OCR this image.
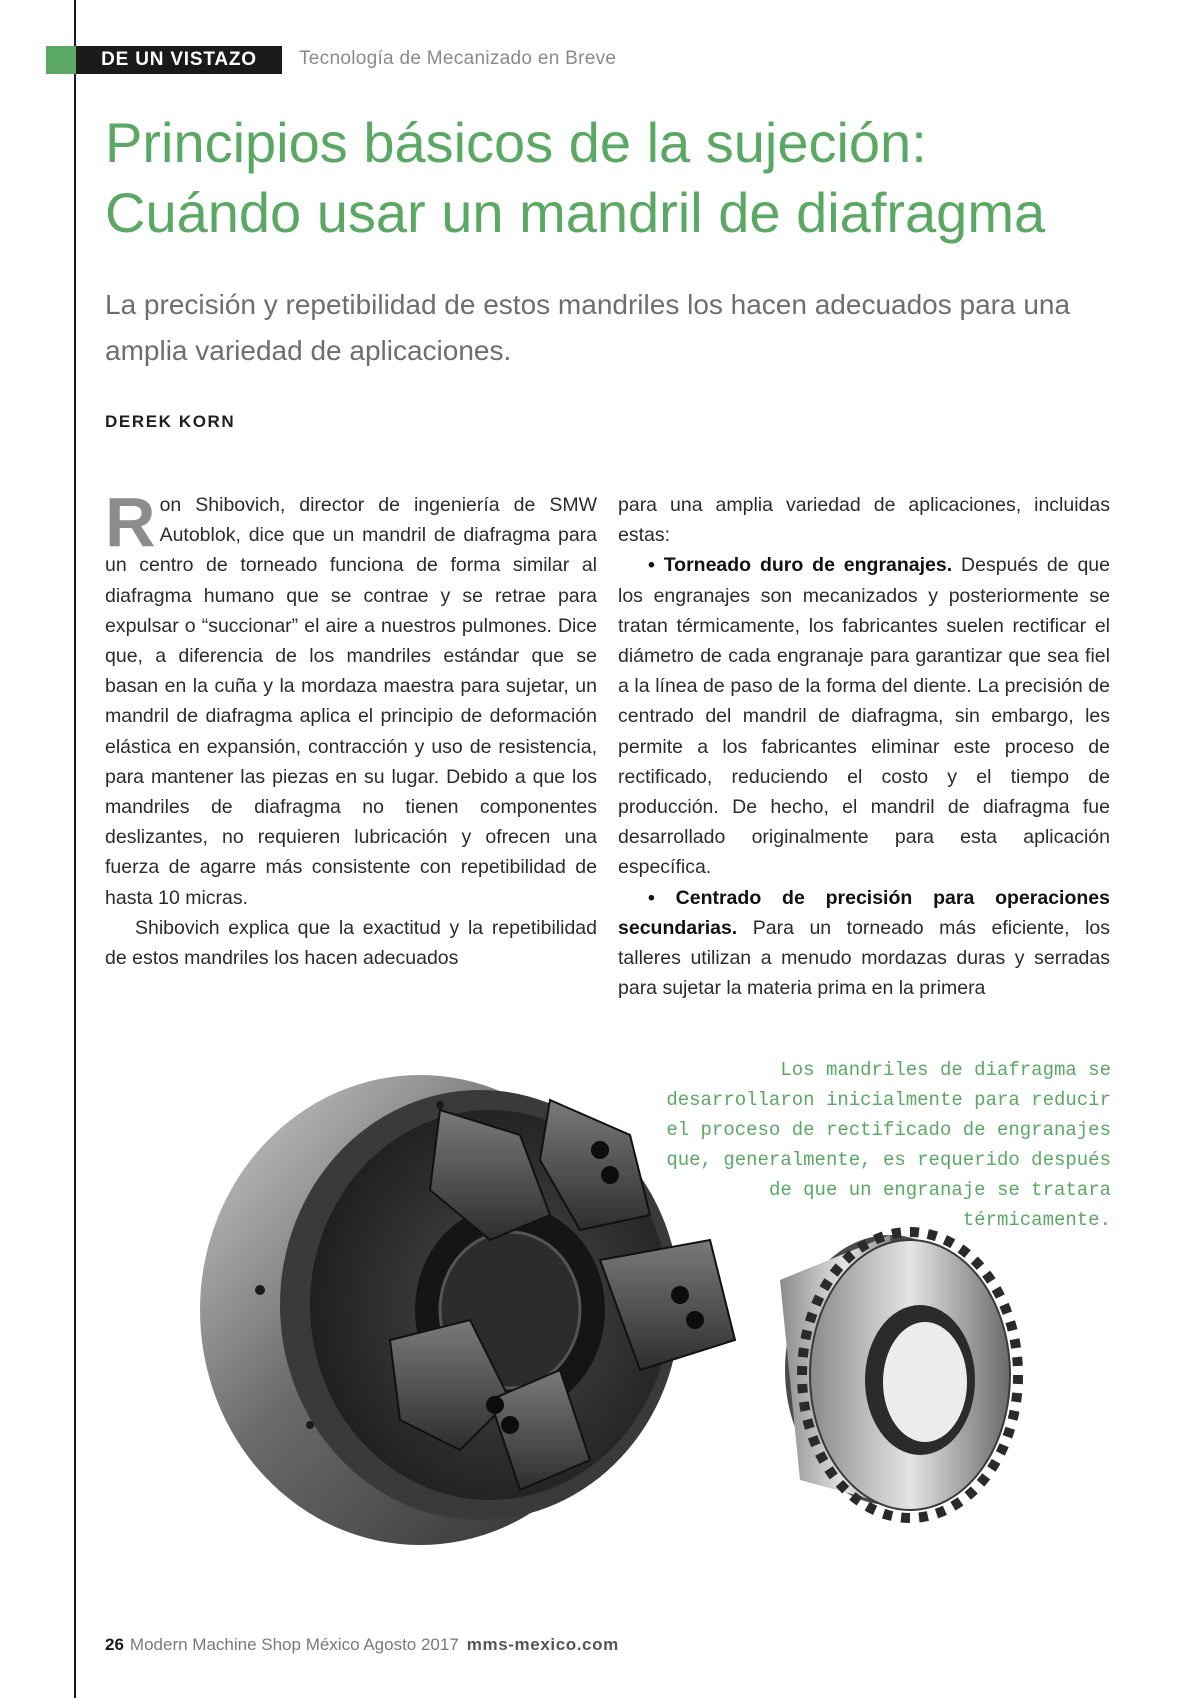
DE UN VISTAZO	Tecnología de Mecanizado en Breve
Principios básicos de la sujeción:
Cuándo usar un mandril de diafragma

La precisión y repetibilidad de estos mandriles los hacen adecuados para una amplia variedad de aplicaciones.

DEREK KORN

Ron Shibovich, director de ingeniería de SMW Autoblok, dice que un mandril de diafragma para un centro de torneado funciona de forma similar al diafragma humano que se contrae y se retrae para expulsar o “succionar” el aire a nuestros pulmones. Dice que, a diferencia de los mandriles estándar que se basan en la cuña y la mordaza maestra para sujetar, un mandril de diafragma aplica el principio de deformación elástica en expansión, contracción y uso de resistencia, para mantener las piezas en su lugar. Debido a que los mandriles de diafragma no tienen componentes deslizantes, no requieren lubricación y ofrecen una fuerza de agarre más consistente con repetibilidad de hasta 10 micras.

Shibovich explica que la exactitud y la repetibilidad de estos mandriles los hacen adecuados

para una amplia variedad de aplicaciones, incluidas estas:

• Torneado duro de engranajes. Después de que los engranajes son mecanizados y posteriormente se tratan térmicamente, los fabricantes suelen rectificar el diámetro de cada engranaje para garantizar que sea fiel a la línea de paso de la forma del diente. La precisión de centrado del mandril de diafragma, sin embargo, les permite a los fabricantes eliminar este proceso de rectificado, reduciendo el costo y el tiempo de producción. De hecho, el mandril de diafragma fue desarrollado originalmente para esta aplicación específica.

• Centrado de precisión para operaciones secundarias. Para un torneado más eficiente, los talleres utilizan a menudo mordazas duras y serradas para sujetar la materia prima en la primera

Los mandriles de diafragma se desarrollaron inicialmente para reducir el proceso de rectificado de engranajes que, generalmente, es requerido después de que un engranaje se tratara térmicamente.

26 Modern Machine Shop México Agosto 2017 mms-mexico.com
